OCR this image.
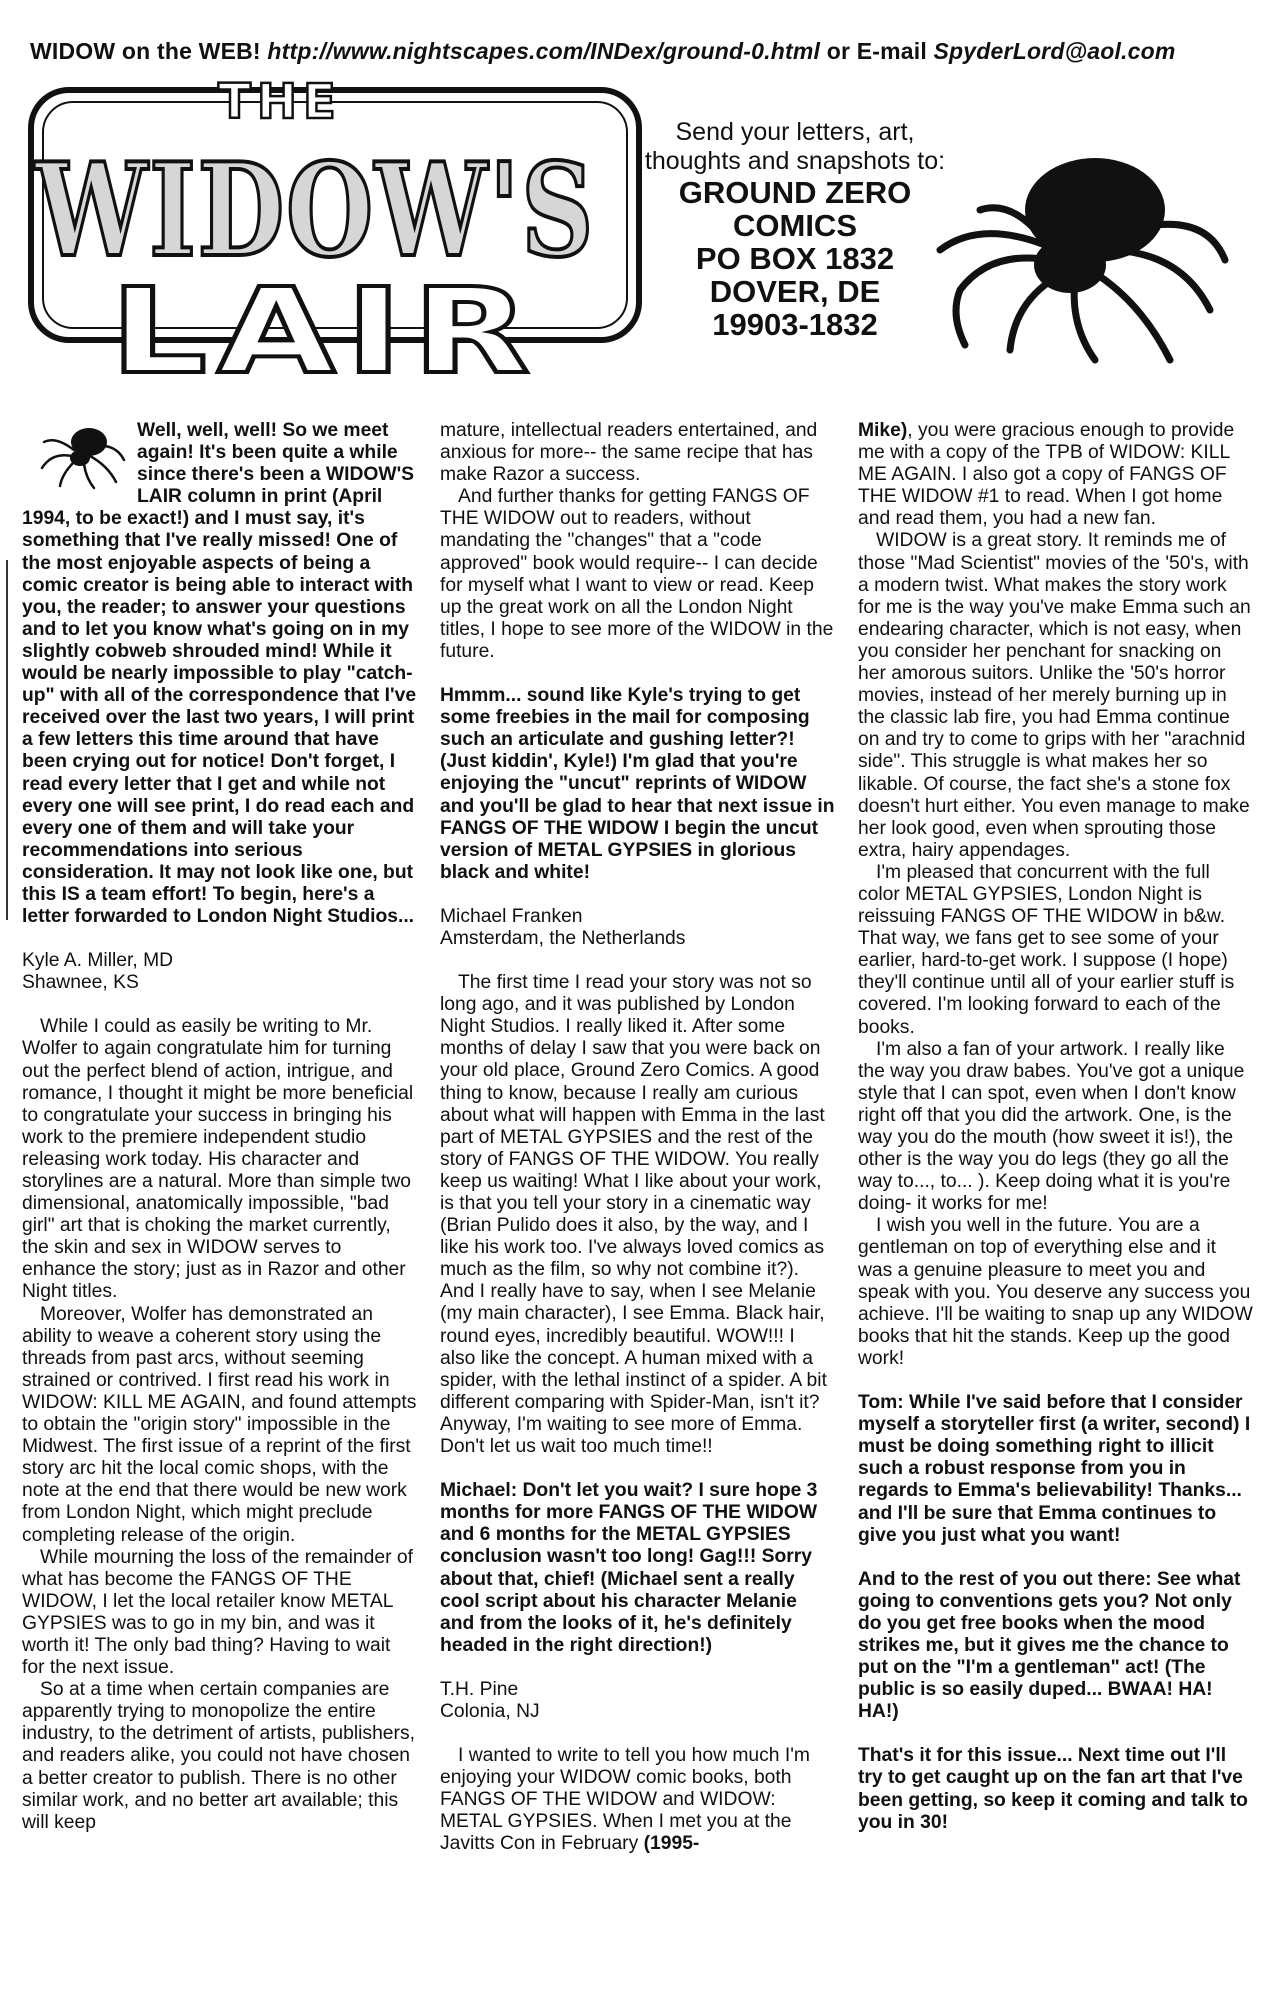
WIDOW on the WEB! http://www.nightscapes.com/INDex/ground-0.html or E-mail SpyderLord@aol.com
THE
WIDOW'S
LAIR
Send your letters, art,
thoughts and snapshots to:
GROUND ZERO
COMICS
PO BOX 1832
DOVER, DE
19903-1832

Well, well, well! So we meet again! It's been quite a while since there's been a WIDOW'S LAIR column in print (April 1994, to be exact!) and I must say, it's something that I've really missed! One of the most enjoyable aspects of being a comic creator is being able to interact with you, the reader; to answer your questions and to let you know what's going on in my slightly cobweb shrouded mind! While it would be nearly impossible to play "catch-up" with all of the correspondence that I've received over the last two years, I will print a few letters this time around that have been crying out for notice! Don't forget, I read every letter that I get and while not every one will see print, I do read each and every one of them and will take your recommendations into serious consideration. It may not look like one, but this IS a team effort! To begin, here's a letter forwarded to London Night Studios...

Kyle A. Miller, MD

Shawnee, KS

While I could as easily be writing to Mr. Wolfer to again congratulate him for turning out the perfect blend of action, intrigue, and romance, I thought it might be more beneficial to congratulate your success in bringing his work to the premiere independent studio releasing work today. His character and storylines are a natural. More than simple two dimensional, anatomically impossible, "bad girl" art that is choking the market currently, the skin and sex in WIDOW serves to enhance the story; just as in Razor and other Night titles.

Moreover, Wolfer has demonstrated an ability to weave a coherent story using the threads from past arcs, without seeming strained or contrived. I first read his work in WIDOW: KILL ME AGAIN, and found attempts to obtain the "origin story" impossible in the Midwest. The first issue of a reprint of the first story arc hit the local comic shops, with the note at the end that there would be new work from London Night, which might preclude completing release of the origin.

While mourning the loss of the remainder of what has become the FANGS OF THE WIDOW, I let the local retailer know METAL GYPSIES was to go in my bin, and was it worth it! The only bad thing? Having to wait for the next issue.

So at a time when certain companies are apparently trying to monopolize the entire industry, to the detriment of artists, publishers, and readers alike, you could not have chosen a better creator to publish. There is no other similar work, and no better art available; this will keep

mature, intellectual readers entertained, and anxious for more-- the same recipe that has make Razor a success.

And further thanks for getting FANGS OF THE WIDOW out to readers, without mandating the "changes" that a "code approved" book would require-- I can decide for myself what I want to view or read. Keep up the great work on all the London Night titles, I hope to see more of the WIDOW in the future.

Hmmm... sound like Kyle's trying to get some freebies in the mail for composing such an articulate and gushing letter?! (Just kiddin', Kyle!) I'm glad that you're enjoying the "uncut" reprints of WIDOW and you'll be glad to hear that next issue in FANGS OF THE WIDOW I begin the uncut version of METAL GYPSIES in glorious black and white!

Michael Franken

Amsterdam, the Netherlands

The first time I read your story was not so long ago, and it was published by London Night Studios. I really liked it. After some months of delay I saw that you were back on your old place, Ground Zero Comics. A good thing to know, because I really am curious about what will happen with Emma in the last part of METAL GYPSIES and the rest of the story of FANGS OF THE WIDOW. You really keep us waiting! What I like about your work, is that you tell your story in a cinematic way (Brian Pulido does it also, by the way, and I like his work too. I've always loved comics as much as the film, so why not combine it?). And I really have to say, when I see Melanie (my main character), I see Emma. Black hair, round eyes, incredibly beautiful. WOW!!! I also like the concept. A human mixed with a spider, with the lethal instinct of a spider. A bit different comparing with Spider-Man, isn't it? Anyway, I'm waiting to see more of Emma. Don't let us wait too much time!!

Michael: Don't let you wait? I sure hope 3 months for more FANGS OF THE WIDOW and 6 months for the METAL GYPSIES conclusion wasn't too long! Gag!!! Sorry about that, chief! (Michael sent a really cool script about his character Melanie and from the looks of it, he's definitely headed in the right direction!)

T.H. Pine

Colonia, NJ

I wanted to write to tell you how much I'm enjoying your WIDOW comic books, both FANGS OF THE WIDOW and WIDOW: METAL GYPSIES. When I met you at the Javitts Con in February (1995-

Mike), you were gracious enough to provide me with a copy of the TPB of WIDOW: KILL ME AGAIN. I also got a copy of FANGS OF THE WIDOW #1 to read. When I got home and read them, you had a new fan.

WIDOW is a great story. It reminds me of those "Mad Scientist" movies of the '50's, with a modern twist. What makes the story work for me is the way you've make Emma such an endearing character, which is not easy, when you consider her penchant for snacking on her amorous suitors. Unlike the '50's horror movies, instead of her merely burning up in the classic lab fire, you had Emma continue on and try to come to grips with her "arachnid side". This struggle is what makes her so likable. Of course, the fact she's a stone fox doesn't hurt either. You even manage to make her look good, even when sprouting those extra, hairy appendages.

I'm pleased that concurrent with the full color METAL GYPSIES, London Night is reissuing FANGS OF THE WIDOW in b&w. That way, we fans get to see some of your earlier, hard-to-get work. I suppose (I hope) they'll continue until all of your earlier stuff is covered. I'm looking forward to each of the books.

I'm also a fan of your artwork. I really like the way you draw babes. You've got a unique style that I can spot, even when I don't know right off that you did the artwork. One, is the way you do the mouth (how sweet it is!), the other is the way you do legs (they go all the way to..., to... ). Keep doing what it is you're doing- it works for me!

I wish you well in the future. You are a gentleman on top of everything else and it was a genuine pleasure to meet you and speak with you. You deserve any success you achieve. I'll be waiting to snap up any WIDOW books that hit the stands. Keep up the good work!

Tom: While I've said before that I consider myself a storyteller first (a writer, second) I must be doing something right to illicit such a robust response from you in regards to Emma's believability! Thanks... and I'll be sure that Emma continues to give you just what you want!

And to the rest of you out there: See what going to conventions gets you? Not only do you get free books when the mood strikes me, but it gives me the chance to put on the "I'm a gentleman" act! (The public is so easily duped... BWAA! HA! HA!)

That's it for this issue... Next time out I'll try to get caught up on the fan art that I've been getting, so keep it coming and talk to you in 30!
